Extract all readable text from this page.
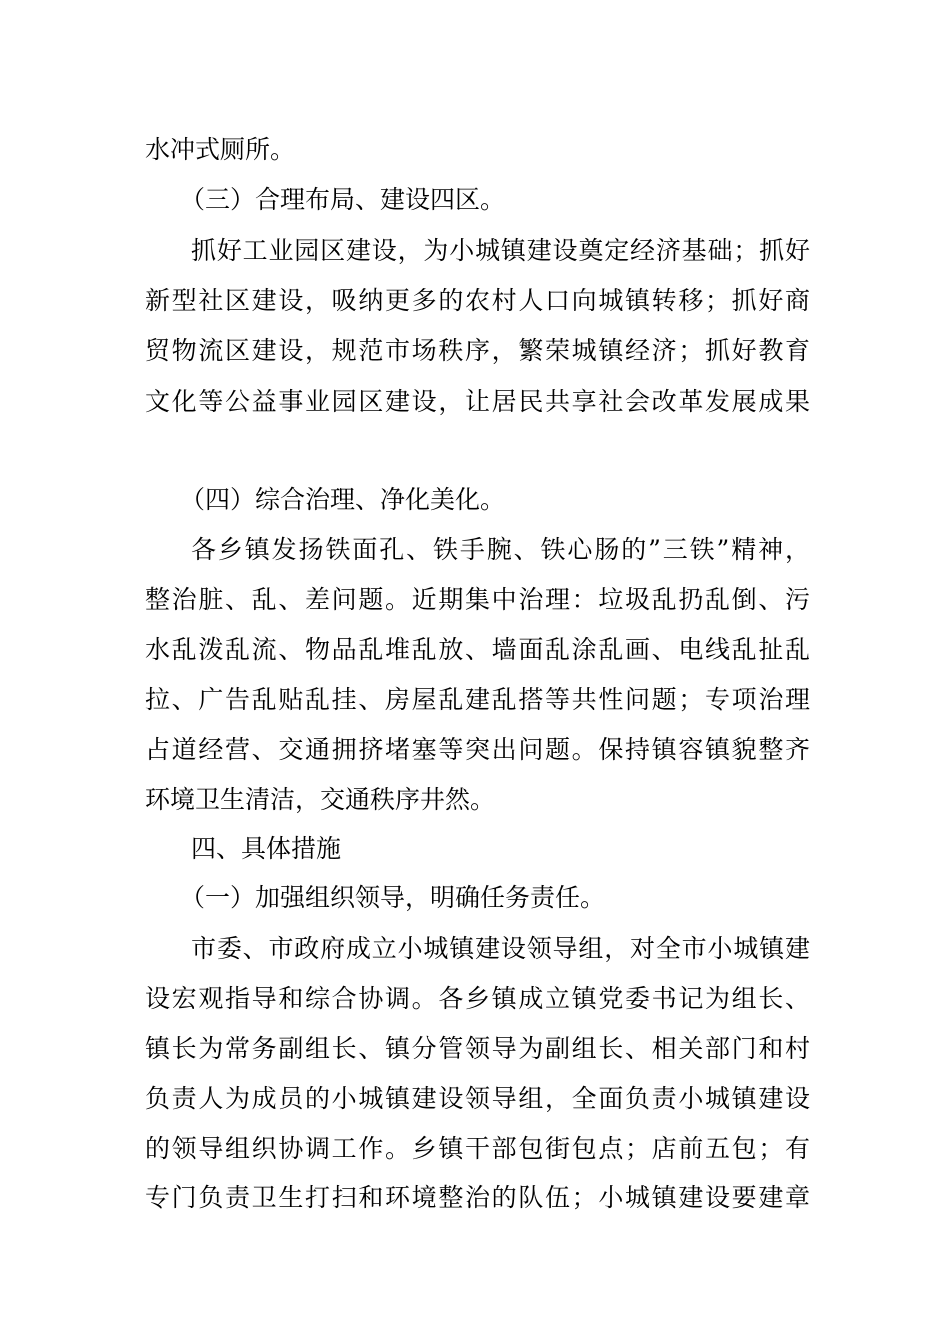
水冲式厕所。
（三）合理布局、建设四区。
抓好工业园区建设，为小城镇建设奠定经济基础；抓好
新型社区建设，吸纳更多的农村人口向城镇转移；抓好商
贸物流区建设，规范市场秩序，繁荣城镇经济；抓好教育
文化等公益事业园区建设，让居民共享社会改革发展成果
（四）综合治理、净化美化。
各乡镇发扬铁面孔、铁手腕、铁心肠的”三铁”精神，
整治脏、乱、差问题。近期集中治理：垃圾乱扔乱倒、污
水乱泼乱流、物品乱堆乱放、墙面乱涂乱画、电线乱扯乱
拉、广告乱贴乱挂、房屋乱建乱搭等共性问题；专项治理
占道经营、交通拥挤堵塞等突出问题。保持镇容镇貌整齐
环境卫生清洁，交通秩序井然。
四、具体措施
（一）加强组织领导，明确任务责任。
市委、市政府成立小城镇建设领导组，对全市小城镇建
设宏观指导和综合协调。各乡镇成立镇党委书记为组长、
镇长为常务副组长、镇分管领导为副组长、相关部门和村
负责人为成员的小城镇建设领导组，全面负责小城镇建设
的领导组织协调工作。乡镇干部包街包点；店前五包；有
专门负责卫生打扫和环境整治的队伍；小城镇建设要建章
